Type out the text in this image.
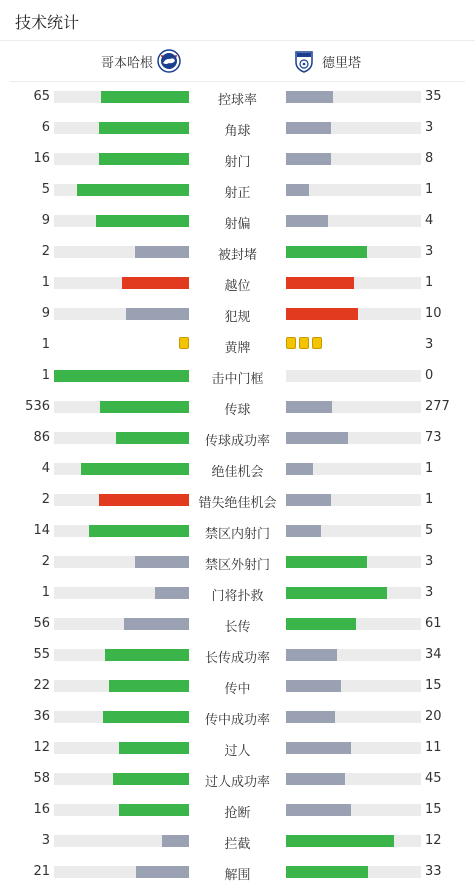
技术统计
哥本哈根	德里塔
65	控球率	35
6	角球	3
16	射门	8
5	射正	1
9	射偏	4
2	被封堵	3
1	越位	1
9	犯规	10
1	黄牌	3
1	击中门框	0
536	传球	277
86	传球成功率	73
4	绝佳机会	1
2	错失绝佳机会	1
14	禁区内射门	5
2	禁区外射门	3
1	门将扑救	3
56	长传	61
55	长传成功率	34
22	传中	15
36	传中成功率	20
12	过人	11
58	过人成功率	45
16	抢断	15
3	拦截	12
21	解围	33
